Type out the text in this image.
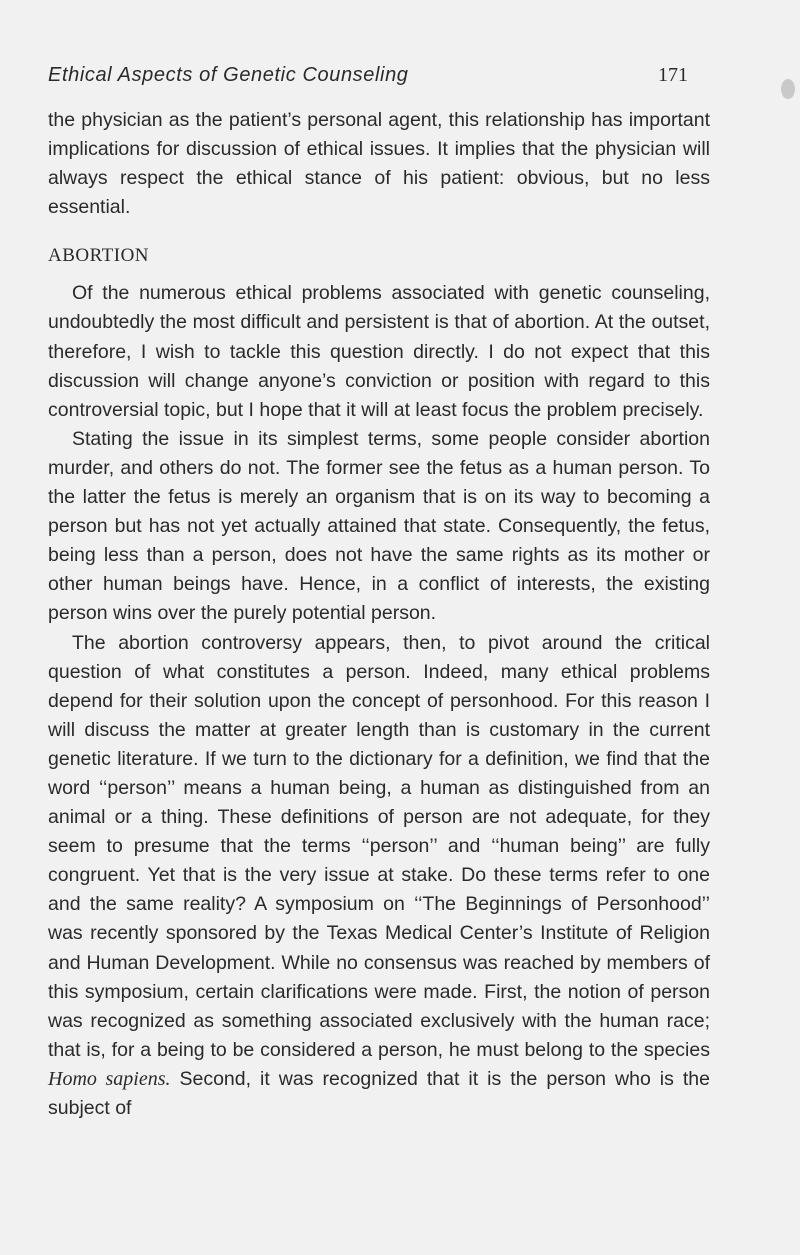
Ethical Aspects of Genetic Counseling	171

the physician as the patient’s personal agent, this relationship has important implications for discussion of ethical issues. It implies that the physician will always respect the ethical stance of his patient: obvious, but no less essential.

ABORTION

Of the numerous ethical problems associated with genetic counseling, undoubtedly the most difficult and persistent is that of abortion. At the outset, therefore, I wish to tackle this question directly. I do not expect that this discussion will change anyone’s conviction or position with regard to this controversial topic, but I hope that it will at least focus the problem precisely.

Stating the issue in its simplest terms, some people consider abortion murder, and others do not. The former see the fetus as a human person. To the latter the fetus is merely an organism that is on its way to becoming a person but has not yet actually attained that state. Consequently, the fetus, being less than a person, does not have the same rights as its mother or other human beings have. Hence, in a conflict of interests, the existing person wins over the purely potential person.

The abortion controversy appears, then, to pivot around the critical question of what constitutes a person. Indeed, many ethical problems depend for their solution upon the concept of personhood. For this reason I will discuss the matter at greater length than is customary in the current genetic literature. If we turn to the dictionary for a definition, we find that the word ‘‘person’’ means a human being, a human as distinguished from an animal or a thing. These definitions of person are not adequate, for they seem to presume that the terms ‘‘person’’ and ‘‘human being’’ are fully congruent. Yet that is the very issue at stake. Do these terms refer to one and the same reality? A symposium on ‘‘The Beginnings of Personhood’’ was recently sponsored by the Texas Medical Center’s Institute of Religion and Human Development. While no consensus was reached by members of this symposium, certain clarifications were made. First, the notion of person was recognized as something associated exclusively with the human race; that is, for a being to be considered a person, he must belong to the species Homo sapiens. Second, it was recognized that it is the person who is the subject of
